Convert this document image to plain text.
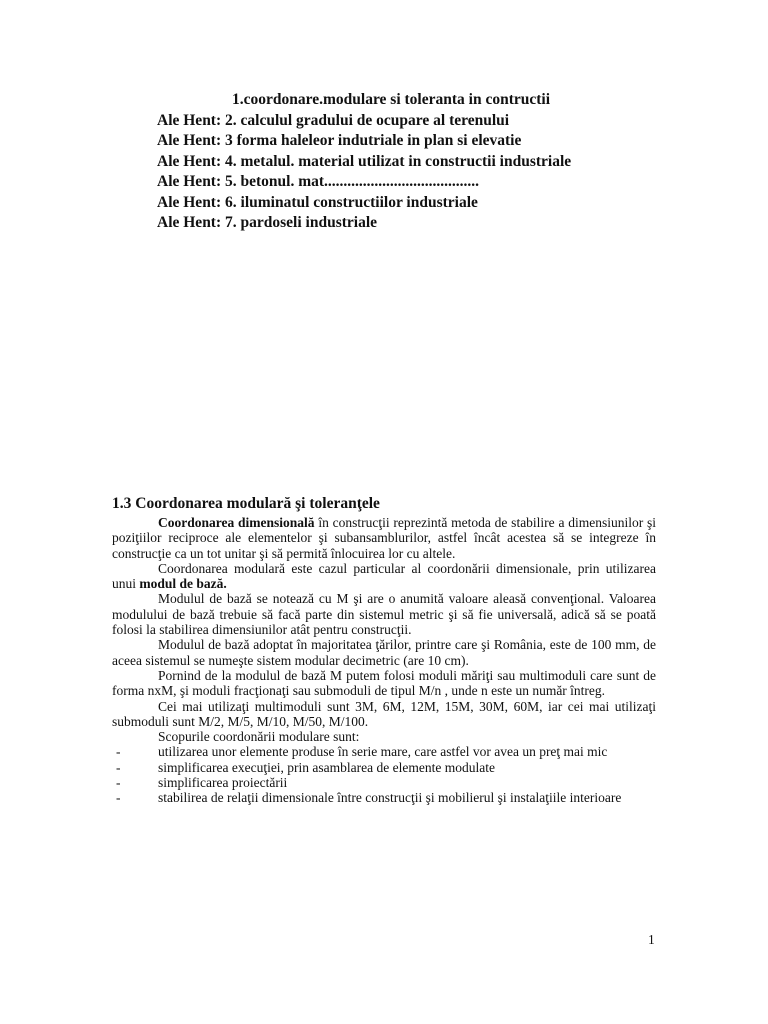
1.coordonare.modulare si toleranta in contructii
Ale Hent: 2. calculul gradului de ocupare al terenului
Ale Hent: 3 forma haleleor indutriale in plan si elevatie
Ale Hent: 4. metalul. material utilizat in constructii industriale
Ale Hent: 5. betonul. mat........................................
Ale Hent: 6. iluminatul constructiilor industriale
Ale Hent: 7. pardoseli industriale
1.3 Coordonarea modulară şi toleranţele

Coordonarea dimensională în construcţii reprezintă metoda de stabilire a dimensiunilor şi poziţiilor reciproce ale elementelor şi subansamblurilor, astfel încât acestea să se integreze în construcţie ca un tot unitar şi să permită înlocuirea lor cu altele.

Coordonarea modulară este cazul particular al coordonării dimensionale, prin utilizarea unui modul de bază.

Modulul de bază se notează cu M şi are o anumită valoare aleasă convenţional. Valoarea modulului de bază trebuie să facă parte din sistemul metric şi să fie universală, adică să se poată folosi la stabilirea dimensiunilor atât pentru construcţii.

Modulul de bază adoptat în majoritatea ţărilor, printre care şi România, este de 100 mm, de aceea sistemul se numeşte sistem modular decimetric (are 10 cm).

Pornind de la modulul de bază M putem folosi moduli măriţi sau multimoduli care sunt de forma nxM, şi moduli fracţionaţi sau submoduli de tipul M/n , unde n este un număr întreg.

Cei mai utilizaţi multimoduli sunt 3M, 6M, 12M, 15M, 30M, 60M, iar cei mai utilizaţi submoduli sunt M/2, M/5, M/10, M/50, M/100.

Scopurile coordonării modulare sunt:

-	utilizarea unor elemente produse în serie mare, care astfel vor avea un preţ mai mic
-	simplificarea execuţiei, prin asamblarea de elemente modulate
-	simplificarea proiectării
-	stabilirea de relaţii dimensionale între construcţii şi mobilierul şi instalaţiile interioare
1
